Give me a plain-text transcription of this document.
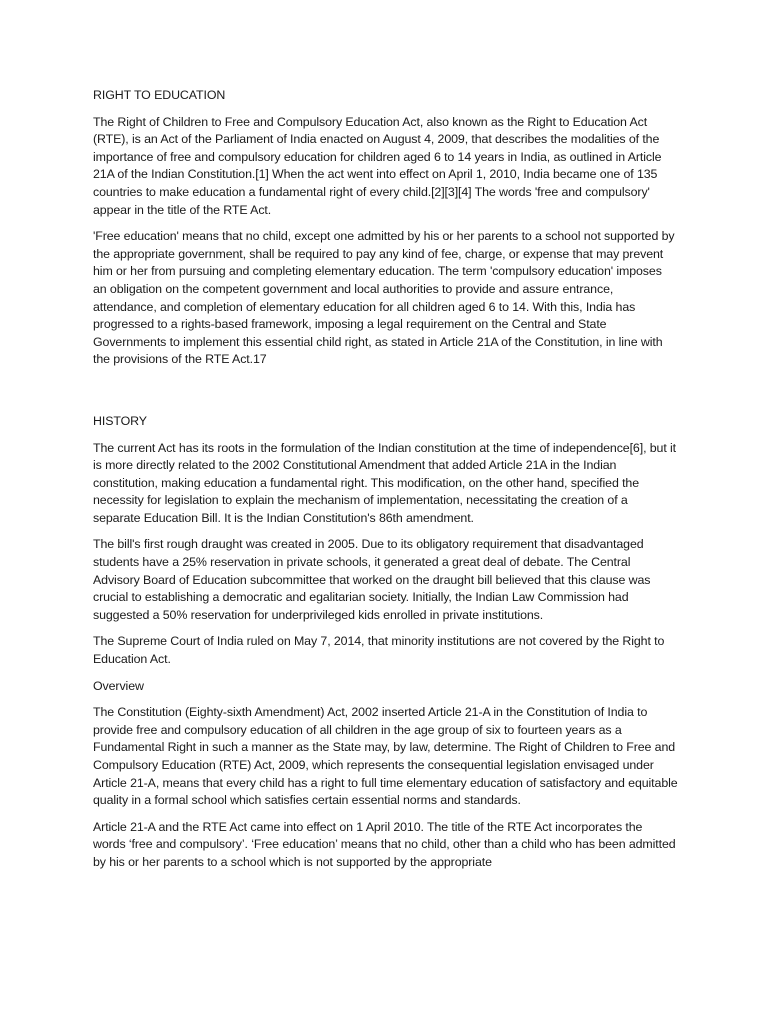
RIGHT TO EDUCATION

The Right of Children to Free and Compulsory Education Act, also known as the Right to Education Act (RTE), is an Act of the Parliament of India enacted on August 4, 2009, that describes the modalities of the importance of free and compulsory education for children aged 6 to 14 years in India, as outlined in Article 21A of the Indian Constitution.[1] When the act went into effect on April 1, 2010, India became one of 135 countries to make education a fundamental right of every child.[2][3][4] The words 'free and compulsory' appear in the title of the RTE Act.

'Free education' means that no child, except one admitted by his or her parents to a school not supported by the appropriate government, shall be required to pay any kind of fee, charge, or expense that may prevent him or her from pursuing and completing elementary education. The term 'compulsory education' imposes an obligation on the competent government and local authorities to provide and assure entrance, attendance, and completion of elementary education for all children aged 6 to 14. With this, India has progressed to a rights-based framework, imposing a legal requirement on the Central and State Governments to implement this essential child right, as stated in Article 21A of the Constitution, in line with the provisions of the RTE Act.17

HISTORY

The current Act has its roots in the formulation of the Indian constitution at the time of independence[6], but it is more directly related to the 2002 Constitutional Amendment that added Article 21A in the Indian constitution, making education a fundamental right. This modification, on the other hand, specified the necessity for legislation to explain the mechanism of implementation, necessitating the creation of a separate Education Bill. It is the Indian Constitution's 86th amendment.

The bill's first rough draught was created in 2005. Due to its obligatory requirement that disadvantaged students have a 25% reservation in private schools, it generated a great deal of debate. The Central Advisory Board of Education subcommittee that worked on the draught bill believed that this clause was crucial to establishing a democratic and egalitarian society. Initially, the Indian Law Commission had suggested a 50% reservation for underprivileged kids enrolled in private institutions.

The Supreme Court of India ruled on May 7, 2014, that minority institutions are not covered by the Right to Education Act.

Overview

The Constitution (Eighty-sixth Amendment) Act, 2002 inserted Article 21-A in the Constitution of India to provide free and compulsory education of all children in the age group of six to fourteen years as a Fundamental Right in such a manner as the State may, by law, determine. The Right of Children to Free and Compulsory Education (RTE) Act, 2009, which represents the consequential legislation envisaged under Article 21-A, means that every child has a right to full time elementary education of satisfactory and equitable quality in a formal school which satisfies certain essential norms and standards.

Article 21-A and the RTE Act came into effect on 1 April 2010. The title of the RTE Act incorporates the words ‘free and compulsory’. ‘Free education’ means that no child, other than a child who has been admitted by his or her parents to a school which is not supported by the appropriate
